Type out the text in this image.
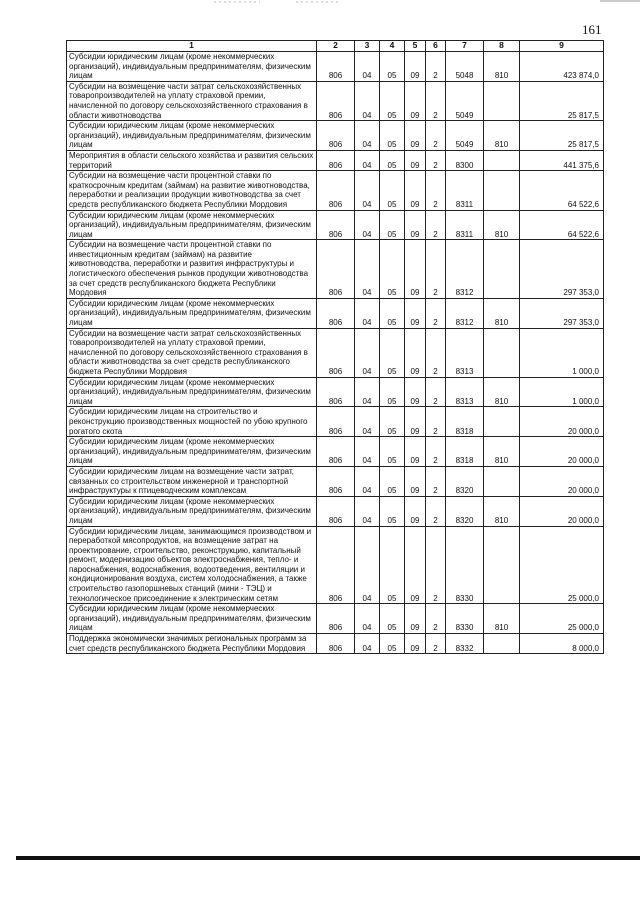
161
1	2	3	4	5	6	7	8	9
Субсидии юридическим лицам (кроме некоммерческих организаций), индивидуальным предпринимателям, физическим лицам	806	04	05	09	2	5048	810	423 874,0
Субсидии на возмещение части затрат сельскохозяйственных товаропроизводителей на уплату страховой премии, начисленной по договору сельскохозяйственного страхования в области животноводства	806	04	05	09	2	5049		25 817,5
Субсидии юридическим лицам (кроме некоммерческих организаций), индивидуальным предпринимателям, физическим лицам	806	04	05	09	2	5049	810	25 817,5
Мероприятия в области сельского хозяйства и развития сельских территорий	806	04	05	09	2	8300		441 375,6
Субсидии на возмещение части процентной ставки по краткосрочным кредитам (займам) на развитие животноводства, переработки и реализации продукции животноводства за счет средств республиканского бюджета Республики Мордовия	806	04	05	09	2	8311		64 522,6
Субсидии юридическим лицам (кроме некоммерческих организаций), индивидуальным предпринимателям, физическим лицам	806	04	05	09	2	8311	810	64 522,6
Субсидии на возмещение части процентной ставки по инвестиционным кредитам (займам) на развитие животноводства, переработки и развития инфраструктуры и логистического обеспечения рынков продукции животноводства за счет средств республиканского бюджета Республики Мордовия	806	04	05	09	2	8312		297 353,0
Субсидии юридическим лицам (кроме некоммерческих организаций), индивидуальным предпринимателям, физическим лицам	806	04	05	09	2	8312	810	297 353,0
Субсидии на возмещение части затрат сельскохозяйственных товаропроизводителей на уплату страховой премии, начисленной по договору сельскохозяйственного страхования в области животноводства за счет средств республиканского бюджета Республики Мордовия	806	04	05	09	2	8313		1 000,0
Субсидии юридическим лицам (кроме некоммерческих организаций), индивидуальным предпринимателям, физическим лицам	806	04	05	09	2	8313	810	1 000,0
Субсидии юридическим лицам на строительство и реконструкцию производственных мощностей по убою крупного рогатого скота	806	04	05	09	2	8318		20 000,0
Субсидии юридическим лицам (кроме некоммерческих организаций), индивидуальным предпринимателям, физическим лицам	806	04	05	09	2	8318	810	20 000,0
Субсидии юридическим лицам на возмещение части затрат, связанных со строительством инженерной и транспортной инфраструктуры к птицеводческим комплексам	806	04	05	09	2	8320		20 000,0
Субсидии юридическим лицам (кроме некоммерческих организаций), индивидуальным предпринимателям, физическим лицам	806	04	05	09	2	8320	810	20 000,0
Субсидии юридическим лицам, занимающимся производством и переработкой мясопродуктов, на возмещение затрат на проектирование, строительство, реконструкцию, капитальный ремонт, модернизацию объектов электроснабжения, тепло- и пароснабжения, водоснабжения, водоотведения, вентиляции и кондиционирования воздуха, систем холодоснабжения, а также строительство газопоршневых станций (мини - ТЭЦ) и технологическое присоединение к электрическим сетям	806	04	05	09	2	8330		25 000,0
Субсидии юридическим лицам (кроме некоммерческих организаций), индивидуальным предпринимателям, физическим лицам	806	04	05	09	2	8330	810	25 000,0
Поддержка экономически значимых региональных программ за счет средств республиканского бюджета Республики Мордовия	806	04	05	09	2	8332		8 000,0
